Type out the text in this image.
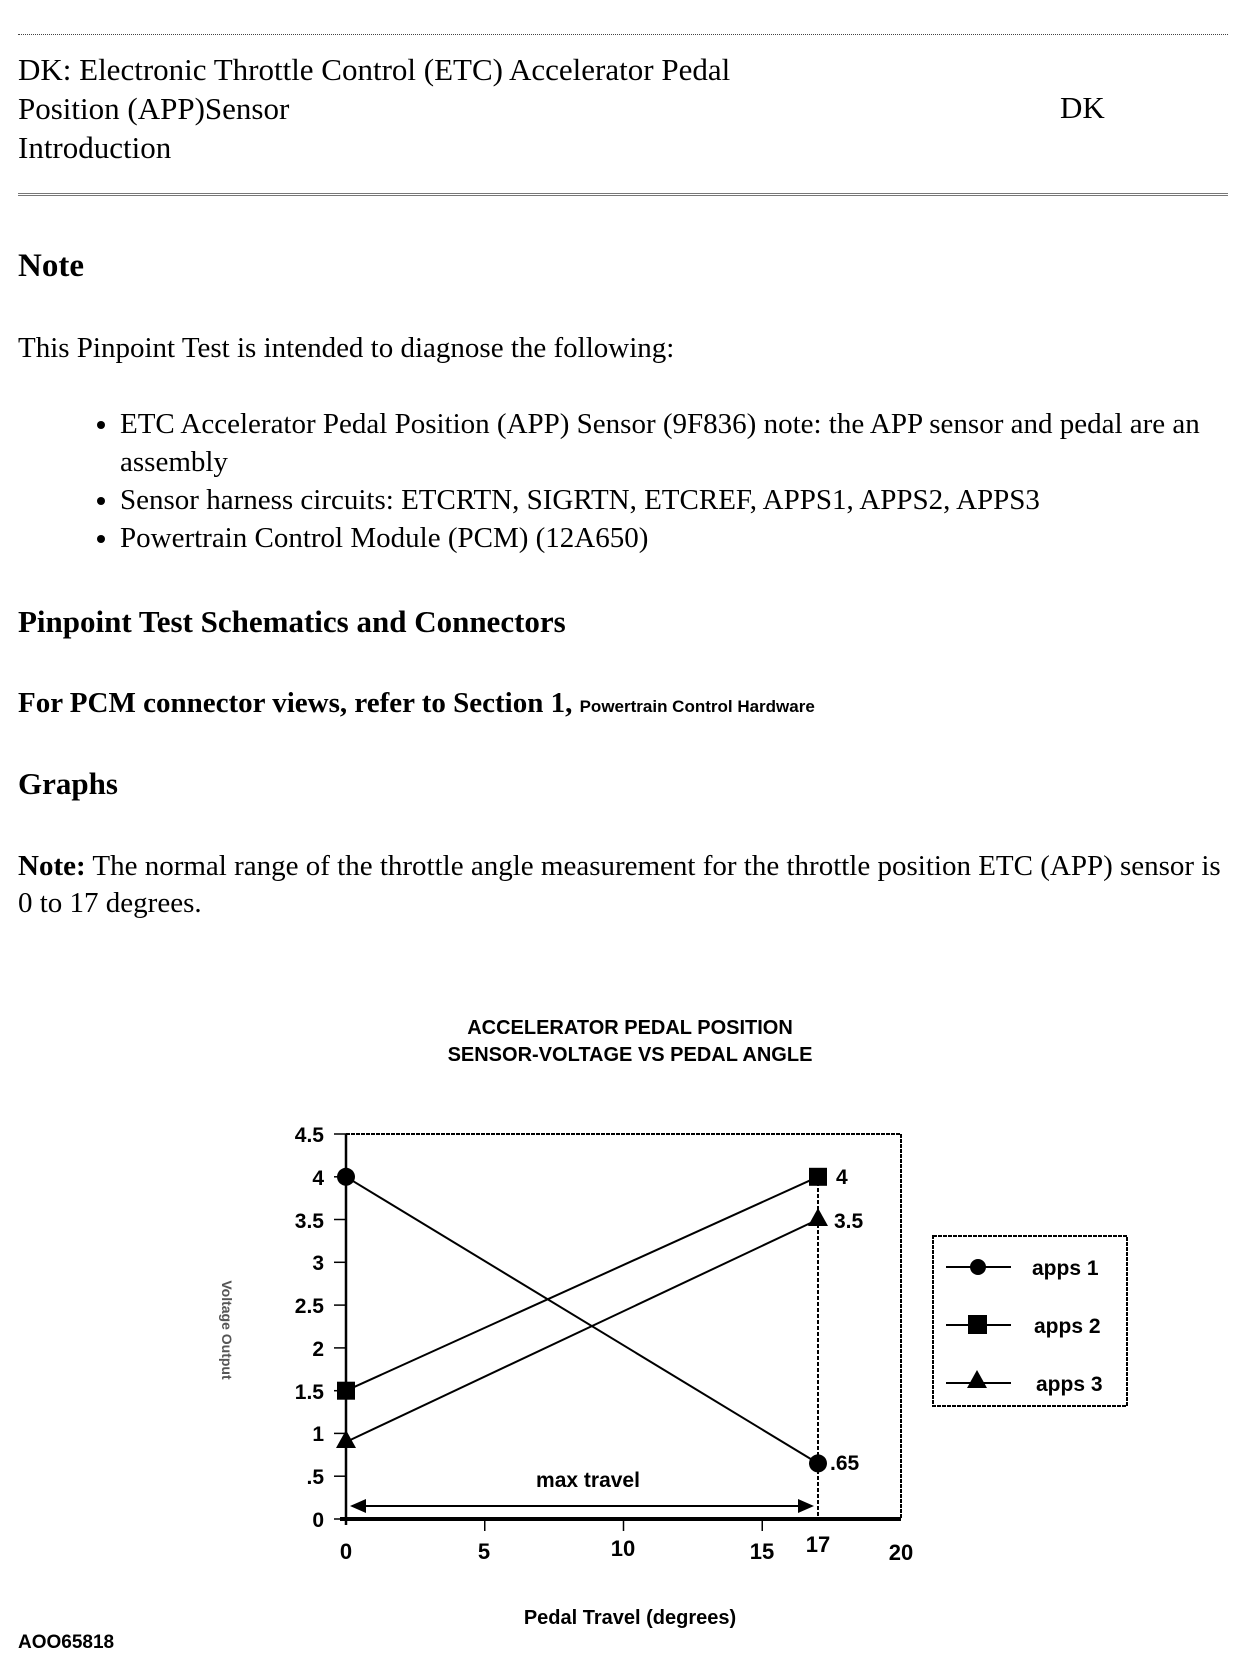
DK: Electronic Throttle Control (ETC) Accelerator Pedal
Position (APP)Sensor
Introduction
DK
Note
This Pinpoint Test is intended to diagnose the following:
• ETC Accelerator Pedal Position (APP) Sensor (9F836) note: the APP sensor and pedal are an assembly
• Sensor harness circuits: ETCRTN, SIGRTN, ETCREF, APPS1, APPS2, APPS3
• Powertrain Control Module (PCM) (12A650)
Pinpoint Test Schematics and Connectors
For PCM connector views, refer to Section 1, Powertrain Control Hardware
Graphs
Note: The normal range of the throttle angle measurement for the throttle position ETC (APP) sensor is 0 to 17 degrees.
ACCELERATOR PEDAL POSITION
SENSOR-VOLTAGE VS PEDAL ANGLE
4.5
4
3.5
3
2.5
2
1.5
1
.5
0
0	5	10	15 17	20
max travel
4
3.5
.65
Voltage Output
apps 1
apps 2
apps 3
Pedal Travel (degrees)
AOO65818
